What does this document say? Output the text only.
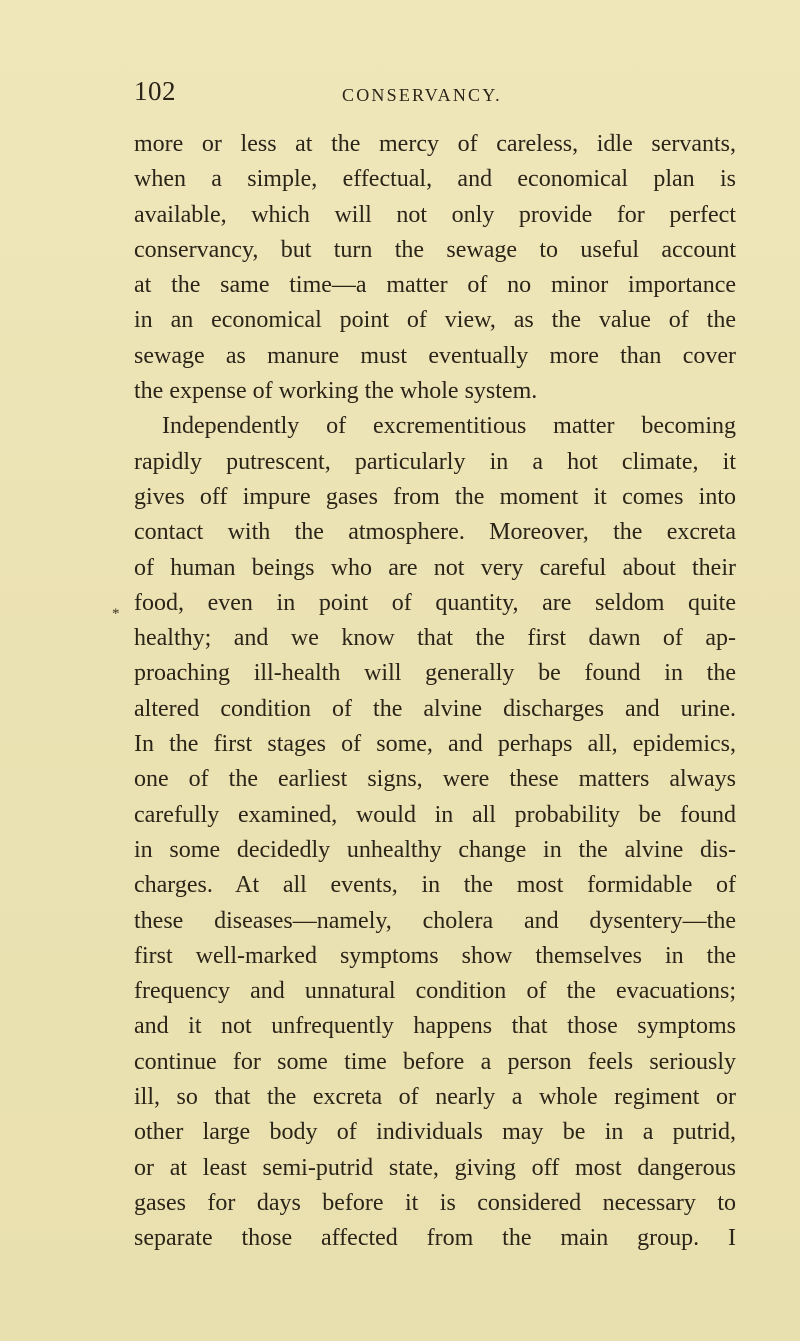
102	CONSERVANCY.
*
more or less at the mercy of careless, idle servants,
when a simple, effectual, and economical plan is
available, which will not only provide for perfect
conservancy, but turn the sewage to useful account
at the same time—a matter of no minor importance
in an economical point of view, as the value of the
sewage as manure must eventually more than cover
the expense of working the whole system.
Independently of excrementitious matter becoming
rapidly putrescent, particularly in a hot climate, it
gives off impure gases from the moment it comes into
contact with the atmosphere. Moreover, the excreta
of human beings who are not very careful about their
food, even in point of quantity, are seldom quite
healthy; and we know that the first dawn of ap-
proaching ill-health will generally be found in the
altered condition of the alvine discharges and urine.
In the first stages of some, and perhaps all, epidemics,
one of the earliest signs, were these matters always
carefully examined, would in all probability be found
in some decidedly unhealthy change in the alvine dis-
charges. At all events, in the most formidable of
these diseases—namely, cholera and dysentery—the
first well-marked symptoms show themselves in the
frequency and unnatural condition of the evacuations;
and it not unfrequently happens that those symptoms
continue for some time before a person feels seriously
ill, so that the excreta of nearly a whole regiment or
other large body of individuals may be in a putrid,
or at least semi-putrid state, giving off most dangerous
gases for days before it is considered necessary to
separate those affected from the main group. I
